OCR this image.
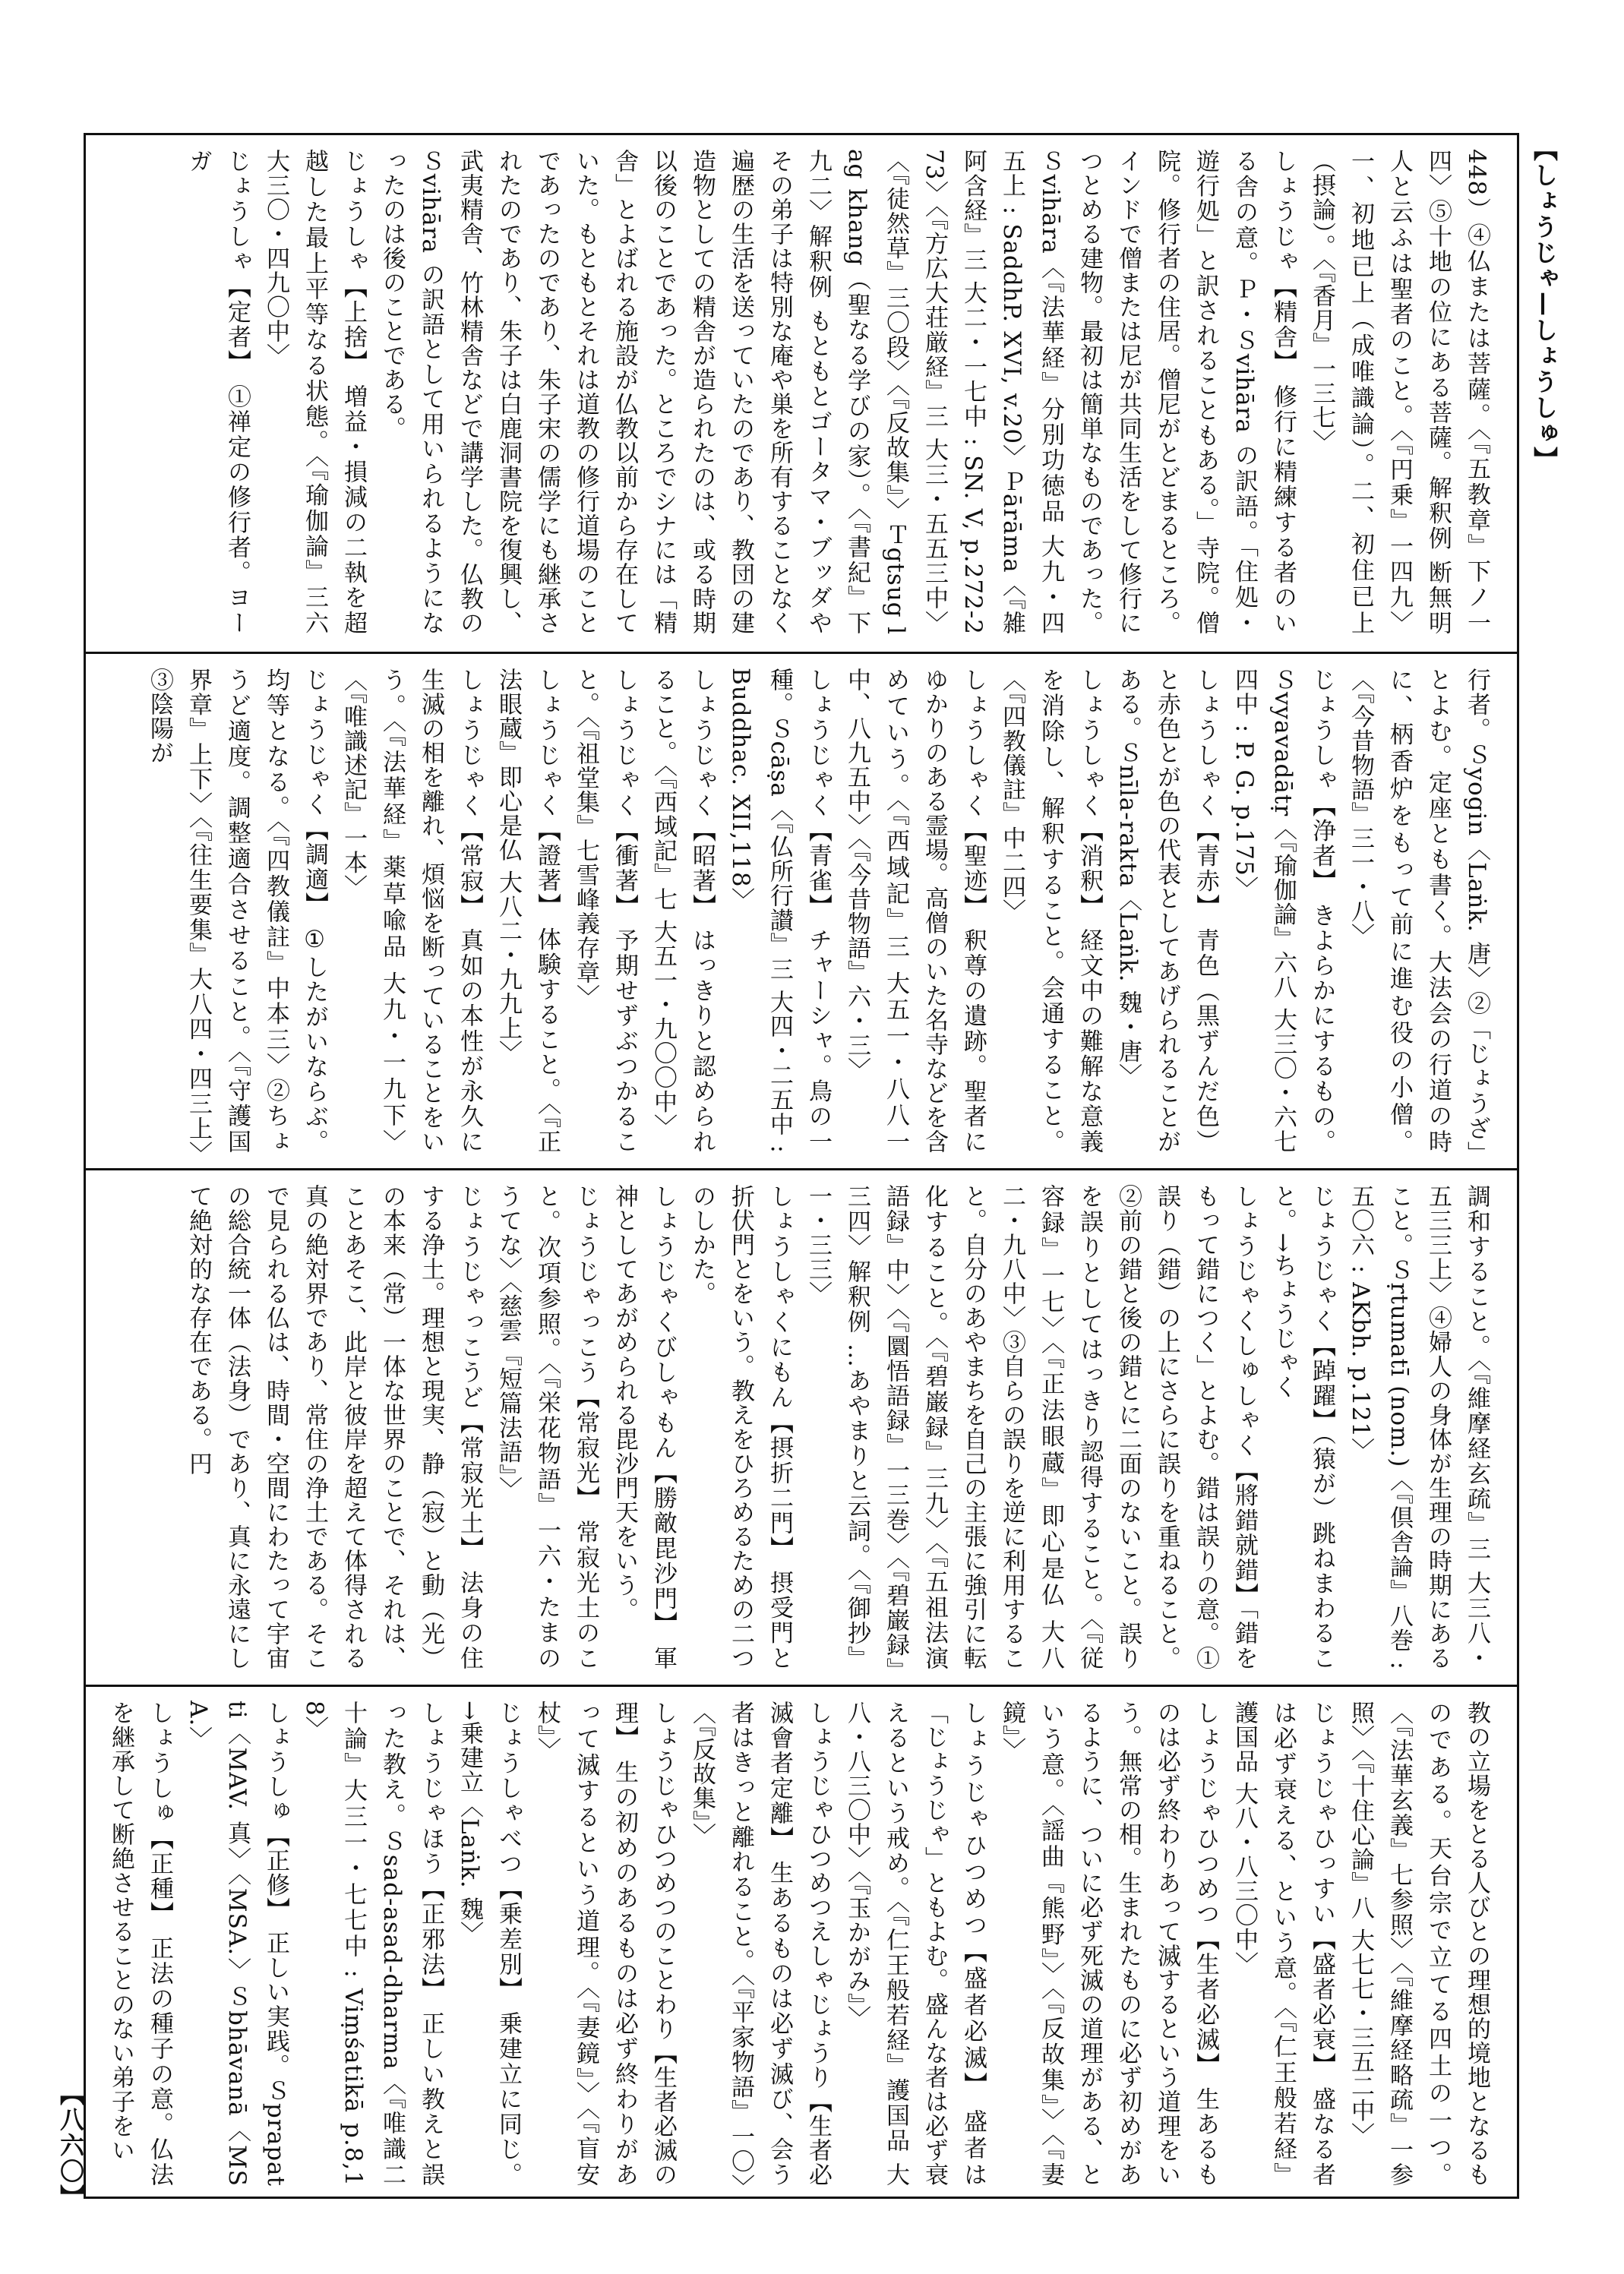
【しょうじゃ—しょうしゅ】
448）④仏または菩薩。〈『五教章』下ノ一四〉⑤十地の位にある菩薩。解釈例 断無明人と云ふは聖者のこと。〈『円乗』一四九〉一、初地已上（成唯識論）。二、初住已上（摂論）。〈『香月』一三七〉
しょうじゃ【精舎】 修行に精練する者のいる舎の意。Ｐ・Ｓvihāra の訳語。「住処・遊行処」と訳されることもある。」寺院。僧院。修行者の住居。僧尼がとどまるところ。インドで僧または尼が共同生活をして修行につとめる建物。最初は簡単なものであった。Ｓvihāra〈『法華経』分別功徳品 大九・四五上 : SaddhP. XVI, v.20〉Ｐārāma〈『雑阿含経』三 大二・一七中 : SN. V, p.272-273〉〈『方広大荘厳経』三 大三・五五三中〉〈『徒然草』三〇段〉〈『反故集』〉Ｔgtsug lag khang（聖なる学びの家）。〈『書紀』下九二〉解釈例 もともとゴータマ・ブッダやその弟子は特別な庵や巣を所有することなく遍歴の生活を送っていたのであり、教団の建造物としての精舎が造られたのは、或る時期以後のことであった。ところでシナには「精舎」とよばれる施設が仏教以前から存在していた。もともとそれは道教の修行道場のことであったのであり、朱子宋の儒学にも継承されたのであり、朱子は白鹿洞書院を復興し、武夷精舎、竹林精舎などで講学した。仏教のＳvihāra の訳語として用いられるようになったのは後のことである。
じょうしゃ【上捨】 増益・損減の二執を超越した最上平等なる状態。〈『瑜伽論』三六 大三〇・四九〇中〉
じょうしゃ【定者】 ①禅定の修行者。ヨーガ
行者。Ｓyogin〈Laṅk. 唐〉②「じょうざ」とよむ。定座とも書く。大法会の行道の時に、柄香炉をもって前に進む役の小僧。〈『今昔物語』三一・八〉
じょうしゃ【浄者】 きよらかにするもの。Ｓvyavadātṛ〈『瑜伽論』六八 大三〇・六七四中 : P. G. p.175〉
しょうしゃく【青赤】 青色（黒ずんだ色）と赤色とが色の代表としてあげられることがある。Ｓnīla-rakta〈Laṅk. 魏・唐〉
しょうしゃく【消釈】 経文中の難解な意義を消除し、解釈すること。会通すること。〈『四教儀註』中二四〉
しょうしゃく【聖迹】 釈尊の遺跡。聖者にゆかりのある霊場。高僧のいた名寺などを含めていう。〈『西域記』三 大五一・八八一中、八九五中〉〈『今昔物語』六・三〉
しょうじゃく【青雀】 チャーシャ。鳥の一種。Ｓcāṣa〈『仏所行讃』三 大四・二五中 : Buddhac. XII,118〉
しょうじゃく【昭著】 はっきりと認められること。〈『西域記』七 大五一・九〇〇中〉
しょうじゃく【衝著】 予期せずぶつかること。〈『祖堂集』七雪峰義存章〉
しょうじゃく【證著】 体験すること。〈『正法眼蔵』即心是仏 大八二・九九上〉
しょうじゃく【常寂】 真如の本性が永久に生滅の相を離れ、煩悩を断っていることをいう。〈『法華経』薬草喩品 大九・一九下〉〈『唯識述記』一本〉
じょうじゃく【調適】 ①したがいならぶ。均等となる。〈『四教儀註』中本三〉②ちょうど適度。調整適合させること。〈『守護国界章』上下〉〈『往生要集』大八四・四三上〉③陰陽が
調和すること。〈『維摩経玄疏』三 大三八・五三三上〉④婦人の身体が生理の時期にあること。Ｓṛtumatī (nom.)〈『倶舎論』八巻 : 五〇六 : AKbh. p.121〉
じょうじゃく【踔躍】（猿が）跳ねまわること。→ちょうじゃく
しょうじゃくしゅしゃく【將錯就錯】「錯をもって錯につく」とよむ。錯は誤りの意。①誤り（錯）の上にさらに誤りを重ねること。②前の錯と後の錯とに二面のないこと。誤りを誤りとしてはっきり認得すること。〈『従容録』一七〉〈『正法眼蔵』即心是仏 大八二・九八中〉③自らの誤りを逆に利用すること。自分のあやまちを自己の主張に強引に転化すること。〈『碧巌録』三九〉〈『五祖法演語録』中〉〈『圜悟語録』一三巻〉〈『碧巌録』三四〉解釈例 …あやまりと云詞。〈『御抄』一・三三〉
しょうしゃくにもん【摂折二門】 摂受門と折伏門とをいう。教えをひろめるための二つのしかた。
しょうじゃくびしゃもん【勝敵毘沙門】 軍神としてあがめられる毘沙門天をいう。
じょうじゃっこう【常寂光】 常寂光土のこと。次項参照。〈『栄花物語』一六・たまのうてな〉〈慈雲『短篇法語』〉
じょうじゃっこうど【常寂光土】 法身の住する浄土。理想と現実、静（寂）と動（光）の本来（常）一体な世界のことで、それは、ことあそこ、此岸と彼岸を超えて体得される真の絶対界であり、常住の浄土である。そこで見られる仏は、時間・空間にわたって宇宙の総合統一体（法身）であり、真に永遠にして絶対的な存在である。円
教の立場をとる人びとの理想的境地となるものである。天台宗で立てる四土の一つ。〈『法華玄義』七参照〉〈『維摩経略疏』一参照〉〈『十住心論』八 大七七・三五二中〉
じょうじゃひっすい【盛者必衰】 盛なる者は必ず衰える、という意。〈『仁王般若経』護国品 大八・八三〇中〉
しょうじゃひつめつ【生者必滅】 生あるものは必ず終わりあって滅するという道理をいう。無常の相。生まれたものに必ず初めがあるように、ついに必ず死滅の道理がある、という意。〈謡曲『熊野』〉〈『反故集』〉〈『妻鏡』〉
しょうじゃひつめつ【盛者必滅】 盛者は「じょうじゃ」ともよむ。盛んな者は必ず衰えるという戒め。〈『仁王般若経』護国品 大八・八三〇中〉〈『玉かがみ』〉
しょうじゃひつめつえしゃじょうり【生者必滅會者定離】 生あるものは必ず滅び、会う者はきっと離れること。〈『平家物語』一〇〉〈『反故集』〉
しょうじゃひつめつのことわり【生者必滅の理】 生の初めのあるものは必ず終わりがあって滅するという道理。〈『妻鏡』〉〈『盲安杖』〉
じょうしゃべつ【乗差別】 乗建立に同じ。→乗建立〈Laṅk. 魏〉
しょうじゃほう【正邪法】 正しい教えと誤った教え。Ｓsad-asad-dharma〈『唯識二十論』大三一・七七中 : Viṃśatikā p.8,18〉
しょうしゅ【正修】 正しい実践。Ｓprapatti〈MAV. 真〉〈MSA.〉Ｓbhāvanā〈MSA.〉
しょうしゅ【正種】 正法の種子の意。仏法を継承して断絶させることのない弟子をい
【八六〇】
